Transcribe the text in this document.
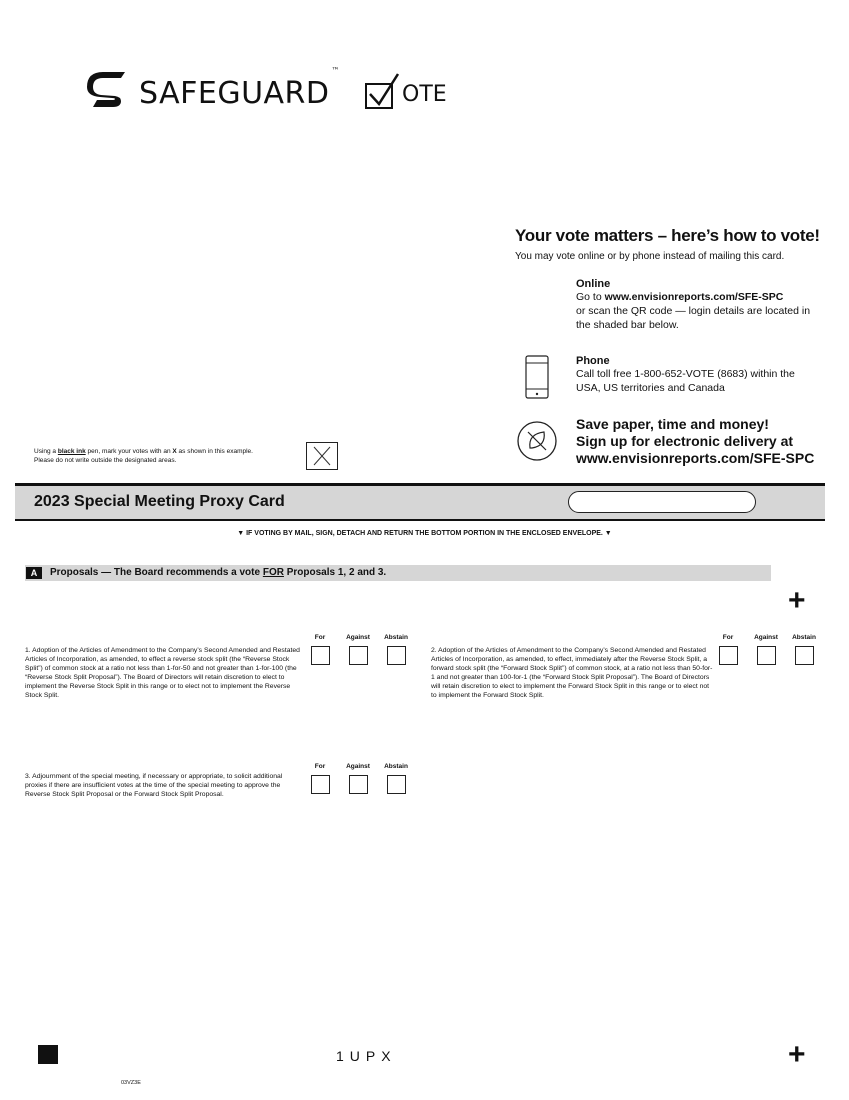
SAFEGUARD™
OTE
Your vote matters – here’s how to vote!
You may vote online or by phone instead of mailing this card.
Online
Go to www.envisionreports.com/SFE-SPC
or scan the QR code — login details are located in the shaded bar below.
Phone
Call toll free 1-800-652-VOTE (8683) within the USA, US territories and Canada
Save paper, time and money!
Sign up for electronic delivery at
www.envisionreports.com/SFE-SPC
Using a black ink pen, mark your votes with an X as shown in this example.
Please do not write outside the designated areas.
2023 Special Meeting Proxy Card
▼ IF VOTING BY MAIL, SIGN, DETACH AND RETURN THE BOTTOM PORTION IN THE ENCLOSED ENVELOPE. ▼
A	Proposals — The Board recommends a vote FOR Proposals 1, 2 and 3.
+
1. Adoption of the Articles of Amendment to the Company’s Second Amended and Restated Articles of Incorporation, as amended, to effect a reverse stock split (the “Reverse Stock Split”) of common stock at a ratio not less than 1-for-50 and not greater than 1-for-100 (the “Reverse Stock Split Proposal”). The Board of Directors will retain discretion to elect to implement the Reverse Stock Split in this range or to elect not to implement the Reverse Stock Split.
For	Against	Abstain
2. Adoption of the Articles of Amendment to the Company’s Second Amended and Restated Articles of Incorporation, as amended, to effect, immediately after the Reverse Stock Split, a forward stock split (the “Forward Stock Split”) of common stock, at a ratio not less than 50-for-1 and not greater than 100-for-1 (the “Forward Stock Split Proposal”). The Board of Directors will retain discretion to elect to implement the Forward Stock Split in this range or to elect not to implement the Forward Stock Split.
For	Against	Abstain
3. Adjournment of the special meeting, if necessary or appropriate, to solicit additional proxies if there are insufficient votes at the time of the special meeting to approve the Reverse Stock Split Proposal or the Forward Stock Split Proposal.
For	Against	Abstain
1UPX	+
03VZ3E
